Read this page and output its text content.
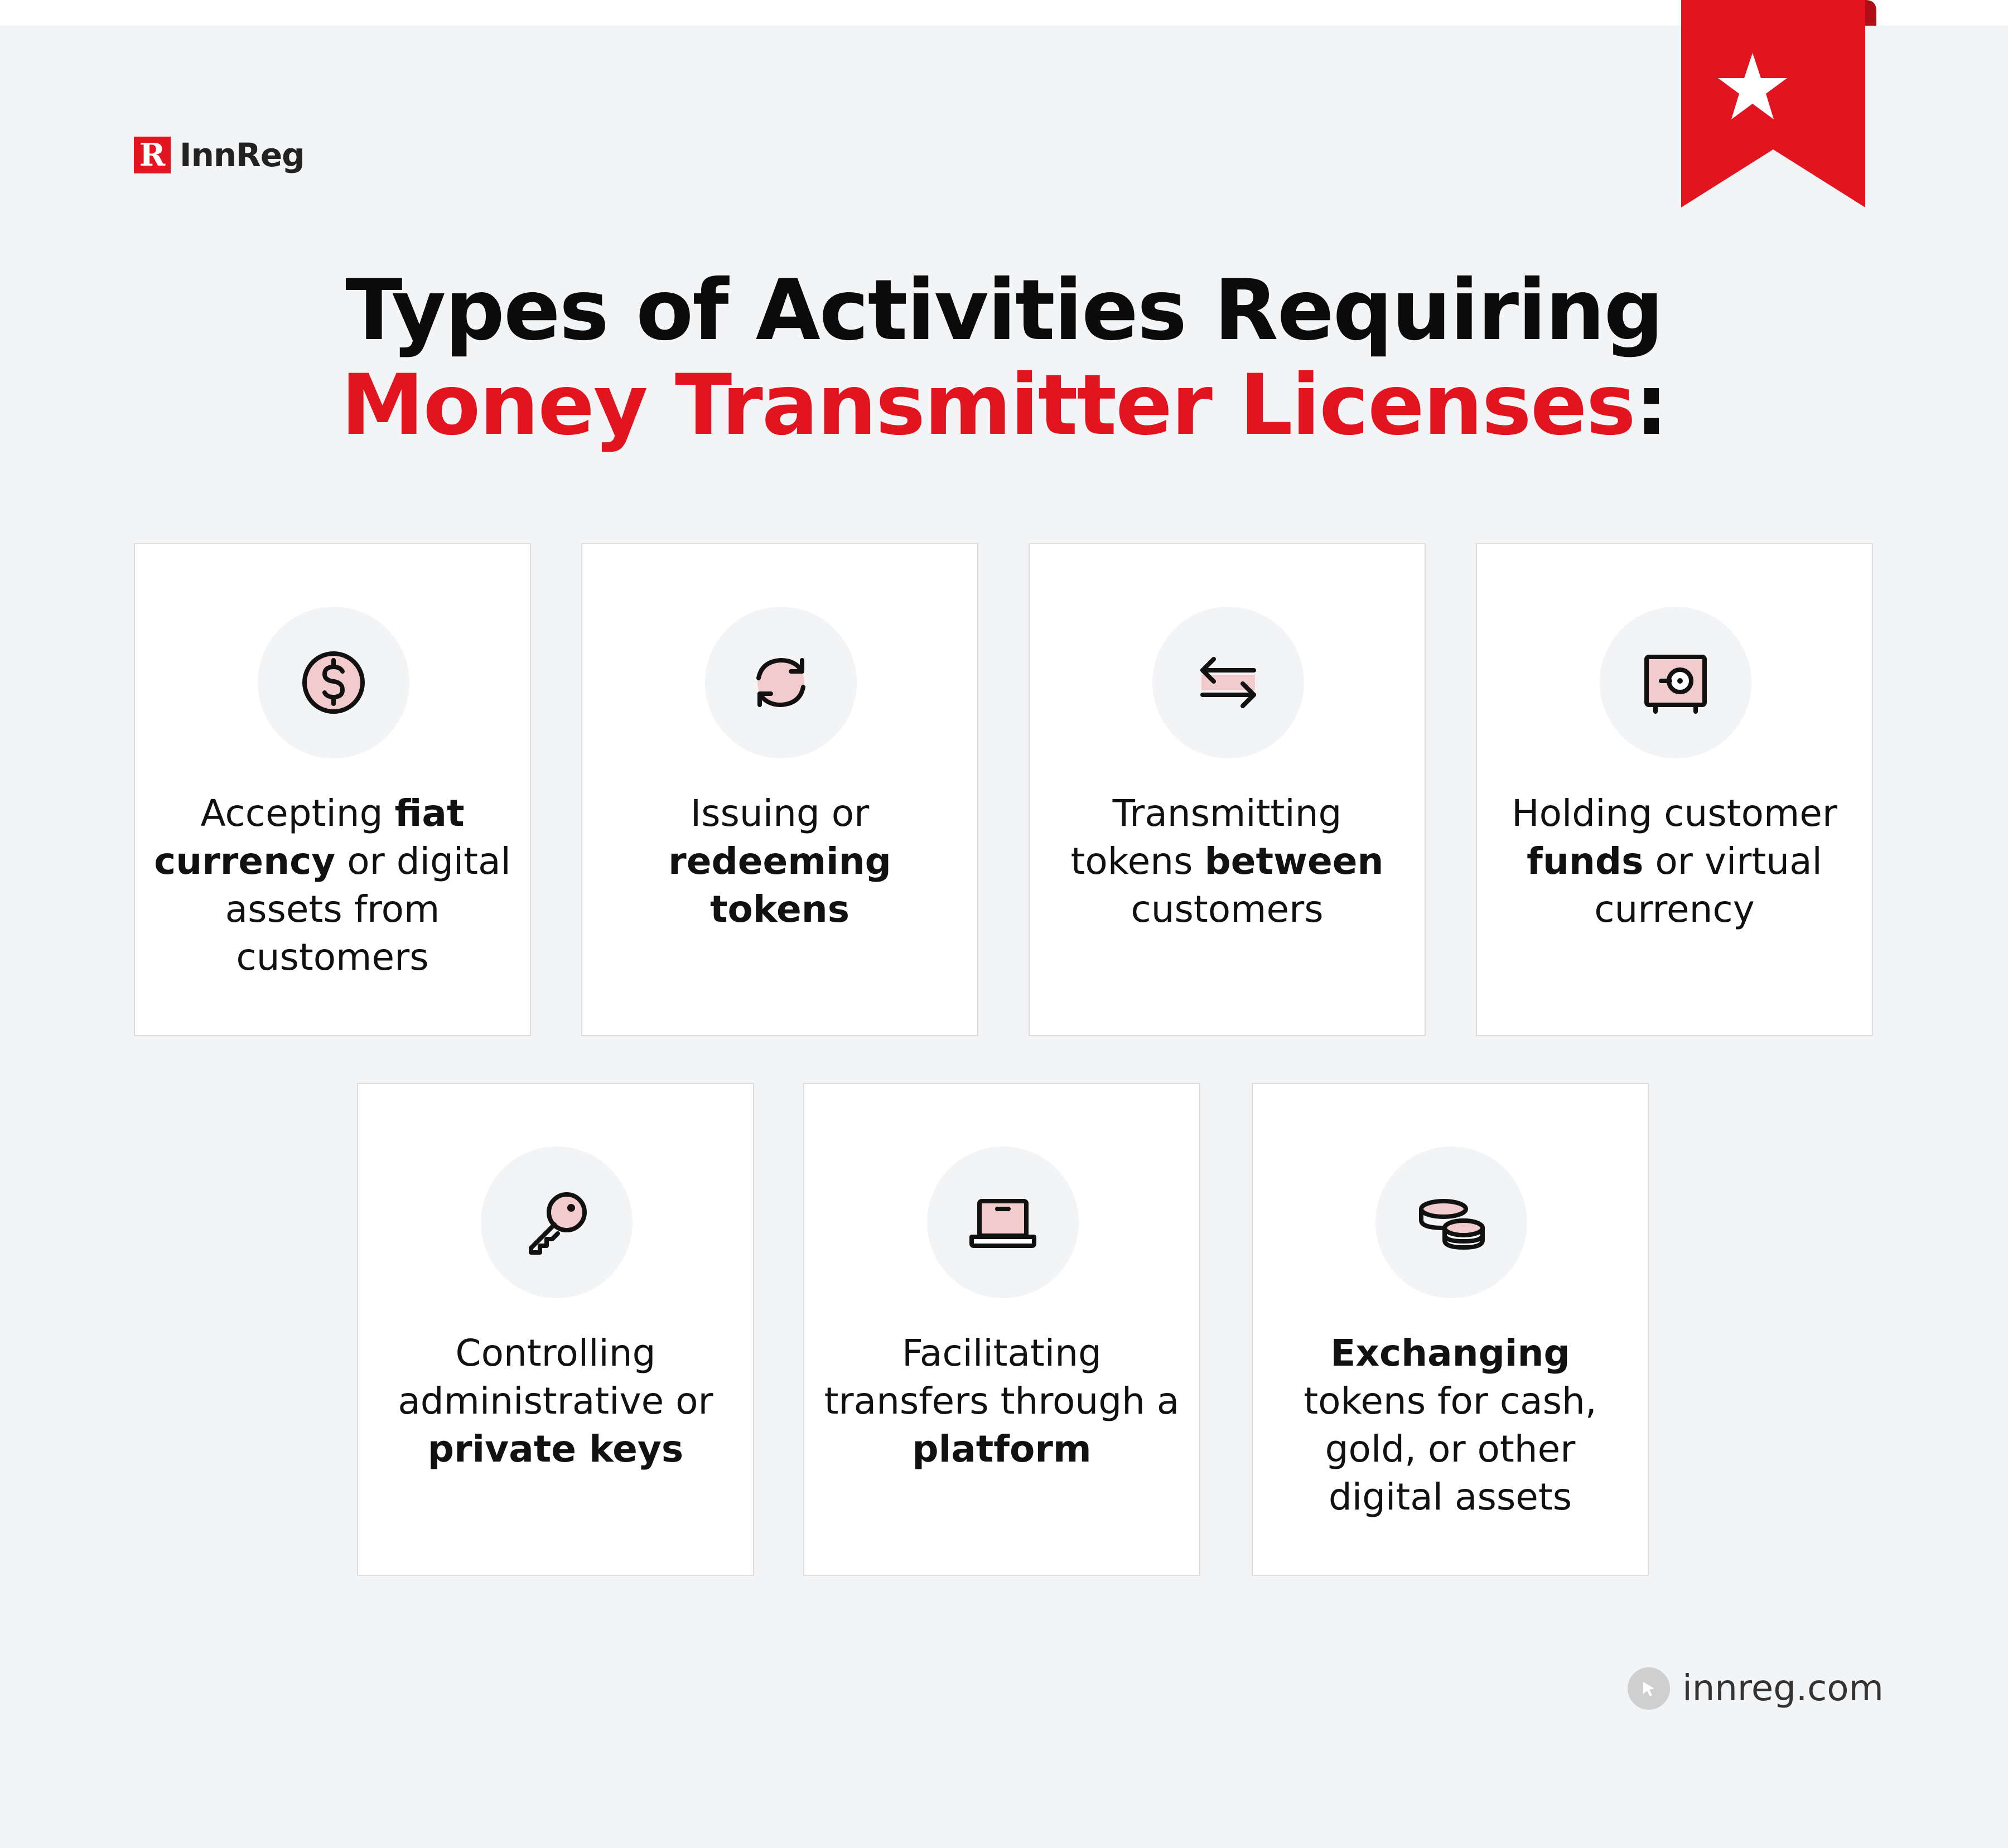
R InnReg
Types of Activities Requiring
Money Transmitter Licenses:
Accepting fiat currency or digital assets from customers
Issuing or redeeming tokens
Transmitting tokens between customers
Holding customer funds or virtual currency
Controlling administrative or private keys
Facilitating transfers through a platform
Exchanging tokens for cash, gold, or other digital assets
innreg.com
